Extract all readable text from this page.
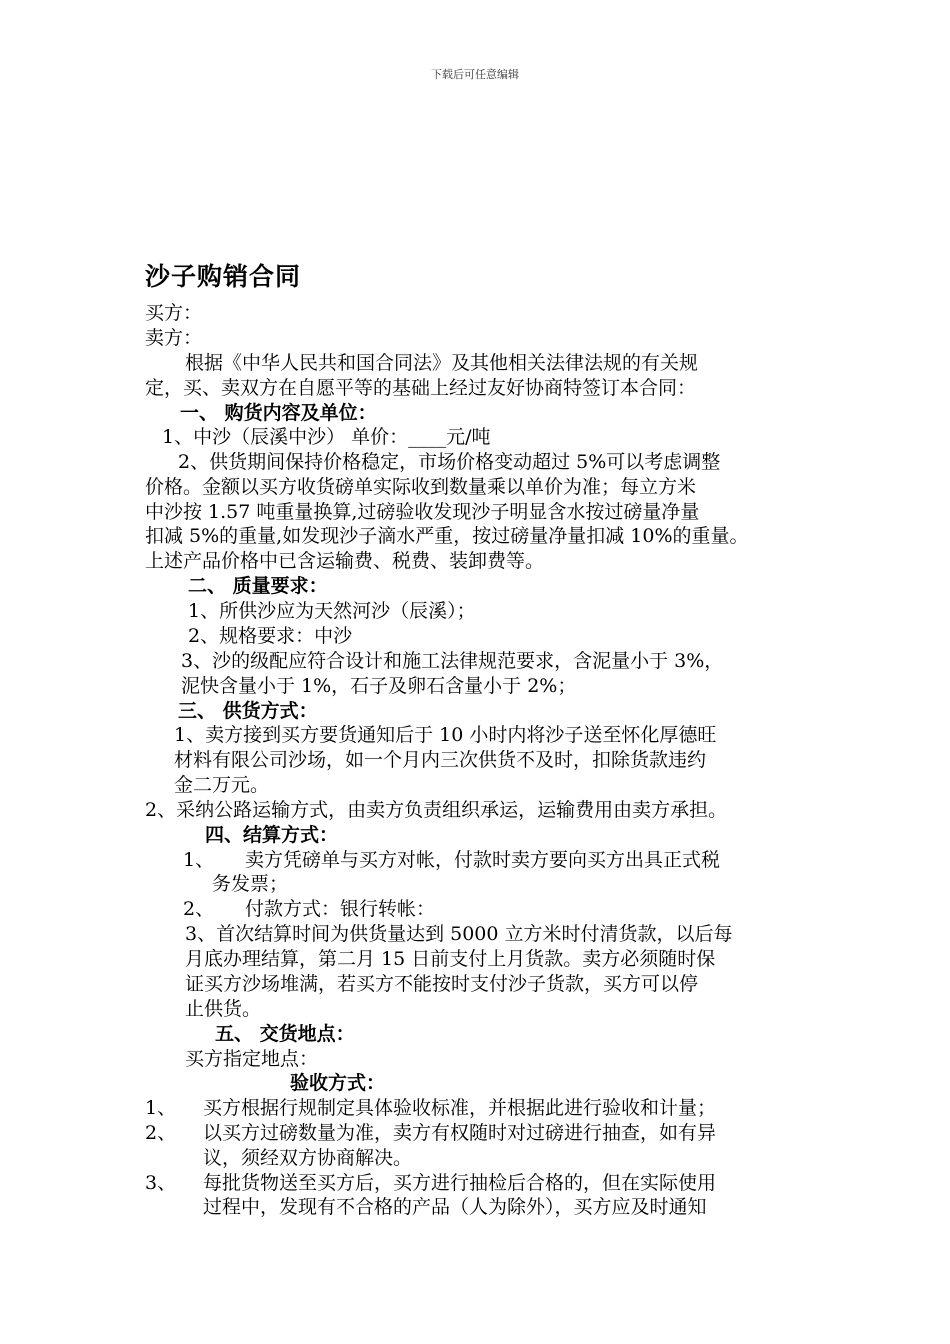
下载后可任意编辑
沙子购销合同
买方：
卖方：
根据《中华人民共和国合同法》及其他相关法律法规的有关规
定，买、卖双方在自愿平等的基础上经过友好协商特签订本合同：
一、 购货内容及单位：
1、中沙（辰溪中沙） 单价：____元/吨
2、供货期间保持价格稳定，市场价格变动超过 5%可以考虑调整
价格。金额以买方收货磅单实际收到数量乘以单价为准；每立方米
中沙按 1.57 吨重量换算,过磅验收发现沙子明显含水按过磅量净量
扣减 5%的重量,如发现沙子滴水严重，按过磅量净量扣减 10%的重量。
上述产品价格中已含运输费、税费、装卸费等。
二、 质量要求：
1、所供沙应为天然河沙（辰溪）；
2、规格要求：中沙
3、沙的级配应符合设计和施工法律规范要求，含泥量小于 3%，
泥快含量小于 1%，石子及卵石含量小于 2%；
三、 供货方式：
1、卖方接到买方要货通知后于 10 小时内将沙子送至怀化厚德旺
材料有限公司沙场，如一个月内三次供货不及时，扣除货款违约
金二万元。
2、采纳公路运输方式，由卖方负责组织承运，运输费用由卖方承担。
四、结算方式：
1、 卖方凭磅单与买方对帐，付款时卖方要向买方出具正式税
务发票；
2、 付款方式：银行转帐：
3、首次结算时间为供货量达到 5000 立方米时付清货款，以后每
月底办理结算，第二月 15 日前支付上月货款。卖方必须随时保
证买方沙场堆满，若买方不能按时支付沙子货款，买方可以停
止供货。
五、 交货地点：
买方指定地点：
验收方式：
1、 买方根据行规制定具体验收标准，并根据此进行验收和计量；
2、 以买方过磅数量为准，卖方有权随时对过磅进行抽查，如有异
议，须经双方协商解决。
3、 每批货物送至买方后，买方进行抽检后合格的，但在实际使用
过程中，发现有不合格的产品（人为除外），买方应及时通知
